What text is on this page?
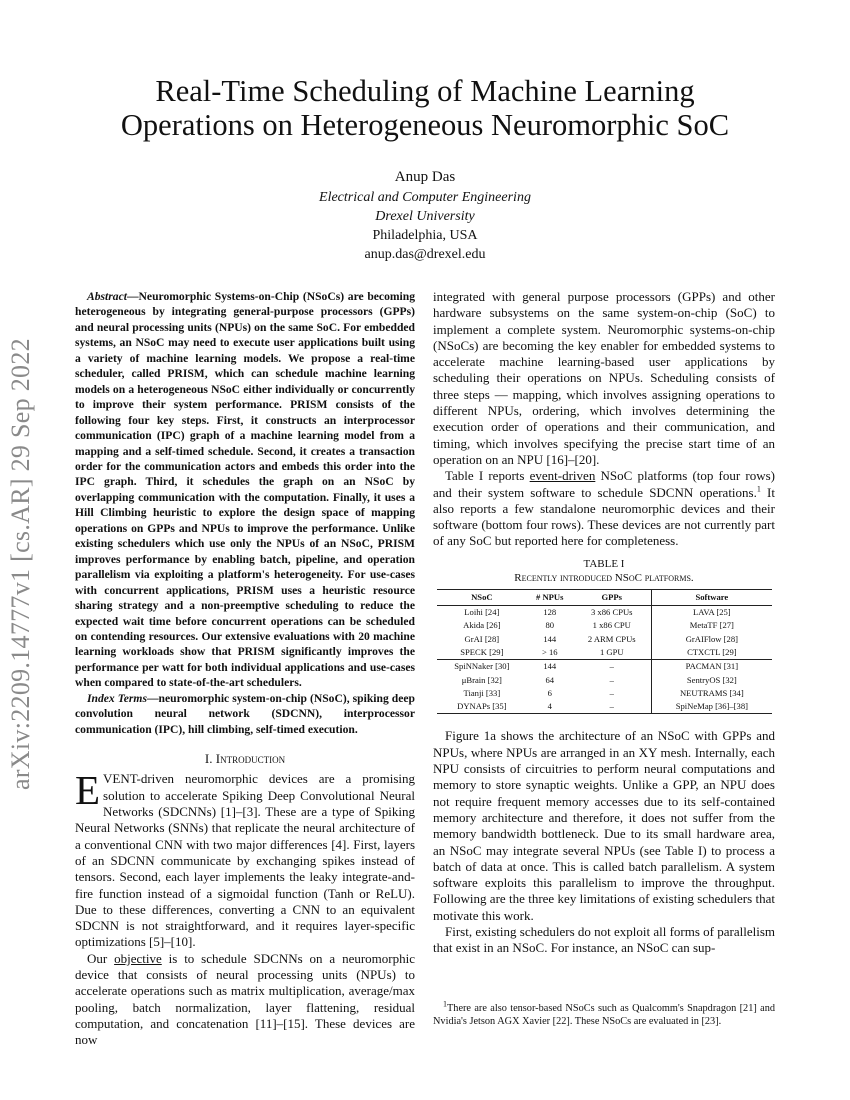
Real-Time Scheduling of Machine Learning
Operations on Heterogeneous Neuromorphic SoC
Anup Das
Electrical and Computer Engineering
Drexel University
Philadelphia, USA
anup.das@drexel.edu
arXiv:2209.14777v1 [cs.AR] 29 Sep 2022

Abstract—Neuromorphic Systems-on-Chip (NSoCs) are becoming heterogeneous by integrating general-purpose processors (GPPs) and neural processing units (NPUs) on the same SoC. For embedded systems, an NSoC may need to execute user applications built using a variety of machine learning models. We propose a real-time scheduler, called PRISM, which can schedule machine learning models on a heterogeneous NSoC either individually or concurrently to improve their system performance. PRISM consists of the following four key steps. First, it constructs an interprocessor communication (IPC) graph of a machine learning model from a mapping and a self-timed schedule. Second, it creates a transaction order for the communication actors and embeds this order into the IPC graph. Third, it schedules the graph on an NSoC by overlapping communication with the computation. Finally, it uses a Hill Climbing heuristic to explore the design space of mapping operations on GPPs and NPUs to improve the performance. Unlike existing schedulers which use only the NPUs of an NSoC, PRISM improves performance by enabling batch, pipeline, and operation parallelism via exploiting a platform's heterogeneity. For use-cases with concurrent applications, PRISM uses a heuristic resource sharing strategy and a non-preemptive scheduling to reduce the expected wait time before concurrent operations can be scheduled on contending resources. Our extensive evaluations with 20 machine learning workloads show that PRISM significantly improves the performance per watt for both individual applications and use-cases when compared to state-of-the-art schedulers.

Index Terms—neuromorphic system-on-chip (NSoC), spiking deep convolution neural network (SDCNN), interprocessor communication (IPC), hill climbing, self-timed execution.

I. Introduction

EVENT-driven neuromorphic devices are a promising solution to accelerate Spiking Deep Convolutional Neural Networks (SDCNNs) [1]–[3]. These are a type of Spiking Neural Networks (SNNs) that replicate the neural architecture of a conventional CNN with two major differences [4]. First, layers of an SDCNN communicate by exchanging spikes instead of tensors. Second, each layer implements the leaky integrate-and-fire function instead of a sigmoidal function (Tanh or ReLU). Due to these differences, converting a CNN to an equivalent SDCNN is not straightforward, and it requires layer-specific optimizations [5]–[10].

Our objective is to schedule SDCNNs on a neuromorphic device that consists of neural processing units (NPUs) to accelerate operations such as matrix multiplication, average/max pooling, batch normalization, layer flattening, residual computation, and concatenation [11]–[15]. These devices are now

integrated with general purpose processors (GPPs) and other hardware subsystems on the same system-on-chip (SoC) to implement a complete system. Neuromorphic systems-on-chip (NSoCs) are becoming the key enabler for embedded systems to accelerate machine learning-based user applications by scheduling their operations on NPUs. Scheduling consists of three steps — mapping, which involves assigning operations to different NPUs, ordering, which involves determining the execution order of operations and their communication, and timing, which involves specifying the precise start time of an operation on an NPU [16]–[20].

Table I reports event-driven NSoC platforms (top four rows) and their system software to schedule SDCNN operations.$^1$ It also reports a few standalone neuromorphic devices and their software (bottom four rows). These devices are not currently part of any SoC but reported here for completeness.

TABLE I
Recently introduced NSoC platforms.
NSoC	# NPUs	GPPs	Software
Loihi [24]	128	3 x86 CPUs	LAVA [25]
Akida [26]	80	1 x86 CPU	MetaTF [27]
GrAI [28]	144	2 ARM CPUs	GrAIFlow [28]
SPECK [29]	> 16	1 GPU	CTXCTL [29]
SpiNNaker [30]	144	–	PACMAN [31]
μBrain [32]	64	–	SentryOS [32]
Tianji [33]	6	–	NEUTRAMS [34]
DYNAPs [35]	4	–	SpiNeMap [36]–[38]

Figure 1a shows the architecture of an NSoC with GPPs and NPUs, where NPUs are arranged in an XY mesh. Internally, each NPU consists of circuitries to perform neural computations and memory to store synaptic weights. Unlike a GPP, an NPU does not require frequent memory accesses due to its self-contained memory architecture and therefore, it does not suffer from the memory bandwidth bottleneck. Due to its small hardware area, an NSoC may integrate several NPUs (see Table I) to process a batch of data at once. This is called batch parallelism. A system software exploits this parallelism to improve the throughput. Following are the three key limitations of existing schedulers that motivate this work.

First, existing schedulers do not exploit all forms of parallelism that exist in an NSoC. For instance, an NSoC can sup-

$^1$There are also tensor-based NSoCs such as Qualcomm's Snapdragon [21] and Nvidia's Jetson AGX Xavier [22]. These NSoCs are evaluated in [23].
